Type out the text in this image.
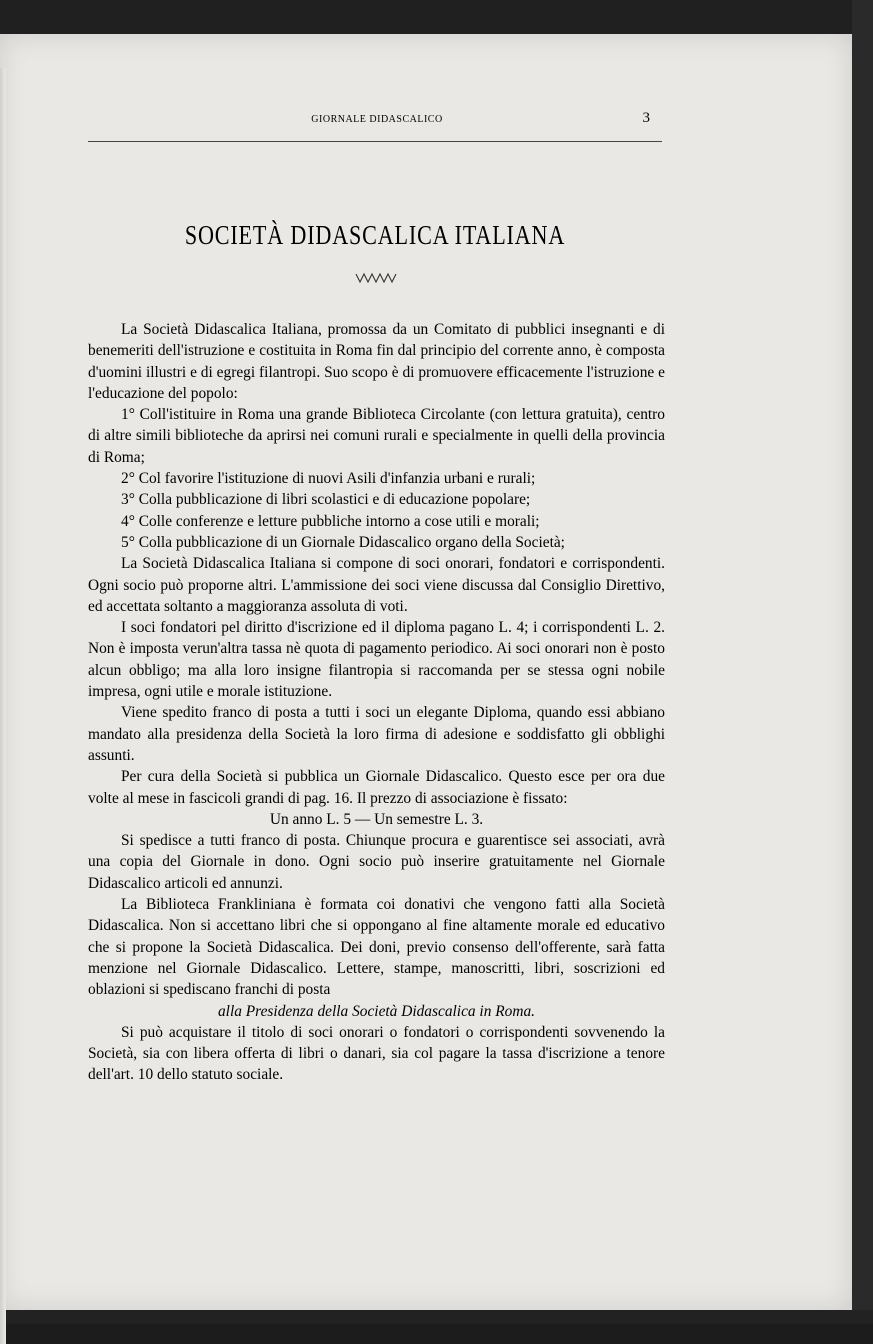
GIORNALE DIDASCALICO	3
SOCIETÀ DIDASCALICA ITALIANA

La Società Didascalica Italiana, promossa da un Comitato di pubblici insegnanti e di benemeriti dell'istruzione e costituita in Roma fin dal principio del corrente anno, è composta d'uomini illustri e di egregi filantropi. Suo scopo è di promuovere efficacemente l'istruzione e l'educazione del popolo:

1° Coll'istituire in Roma una grande Biblioteca Circolante (con lettura gratuita), centro di altre simili biblioteche da aprirsi nei comuni rurali e specialmente in quelli della provincia di Roma;

2° Col favorire l'istituzione di nuovi Asili d'infanzia urbani e rurali;

3° Colla pubblicazione di libri scolastici e di educazione popolare;

4° Colle conferenze e letture pubbliche intorno a cose utili e morali;

5° Colla pubblicazione di un Giornale Didascalico organo della Società;

La Società Didascalica Italiana si compone di soci onorari, fondatori e corrispondenti. Ogni socio può proporne altri. L'ammissione dei soci viene discussa dal Consiglio Direttivo, ed accettata soltanto a maggioranza assoluta di voti.

I soci fondatori pel diritto d'iscrizione ed il diploma pagano L. 4; i corrispondenti L. 2. Non è imposta verun'altra tassa nè quota di pagamento periodico. Ai soci onorari non è posto alcun obbligo; ma alla loro insigne filantropia si raccomanda per se stessa ogni nobile impresa, ogni utile e morale istituzione.

Viene spedito franco di posta a tutti i soci un elegante Diploma, quando essi abbiano mandato alla presidenza della Società la loro firma di adesione e soddisfatto gli obblighi assunti.

Per cura della Società si pubblica un Giornale Didascalico. Questo esce per ora due volte al mese in fascicoli grandi di pag. 16. Il prezzo di associazione è fissato:

Un anno L. 5 — Un semestre L. 3.

Si spedisce a tutti franco di posta. Chiunque procura e guarentisce sei associati, avrà una copia del Giornale in dono. Ogni socio può inserire gratuitamente nel Giornale Didascalico articoli ed annunzi.

La Biblioteca Frankliniana è formata coi donativi che vengono fatti alla Società Didascalica. Non si accettano libri che si oppongano al fine altamente morale ed educativo che si propone la Società Didascalica. Dei doni, previo consenso dell'offerente, sarà fatta menzione nel Giornale Didascalico. Lettere, stampe, manoscritti, libri, soscrizioni ed oblazioni si spediscano franchi di posta

alla Presidenza della Società Didascalica in Roma.

Si può acquistare il titolo di soci onorari o fondatori o corrispondenti sovvenendo la Società, sia con libera offerta di libri o danari, sia col pagare la tassa d'iscrizione a tenore dell'art. 10 dello statuto sociale.
